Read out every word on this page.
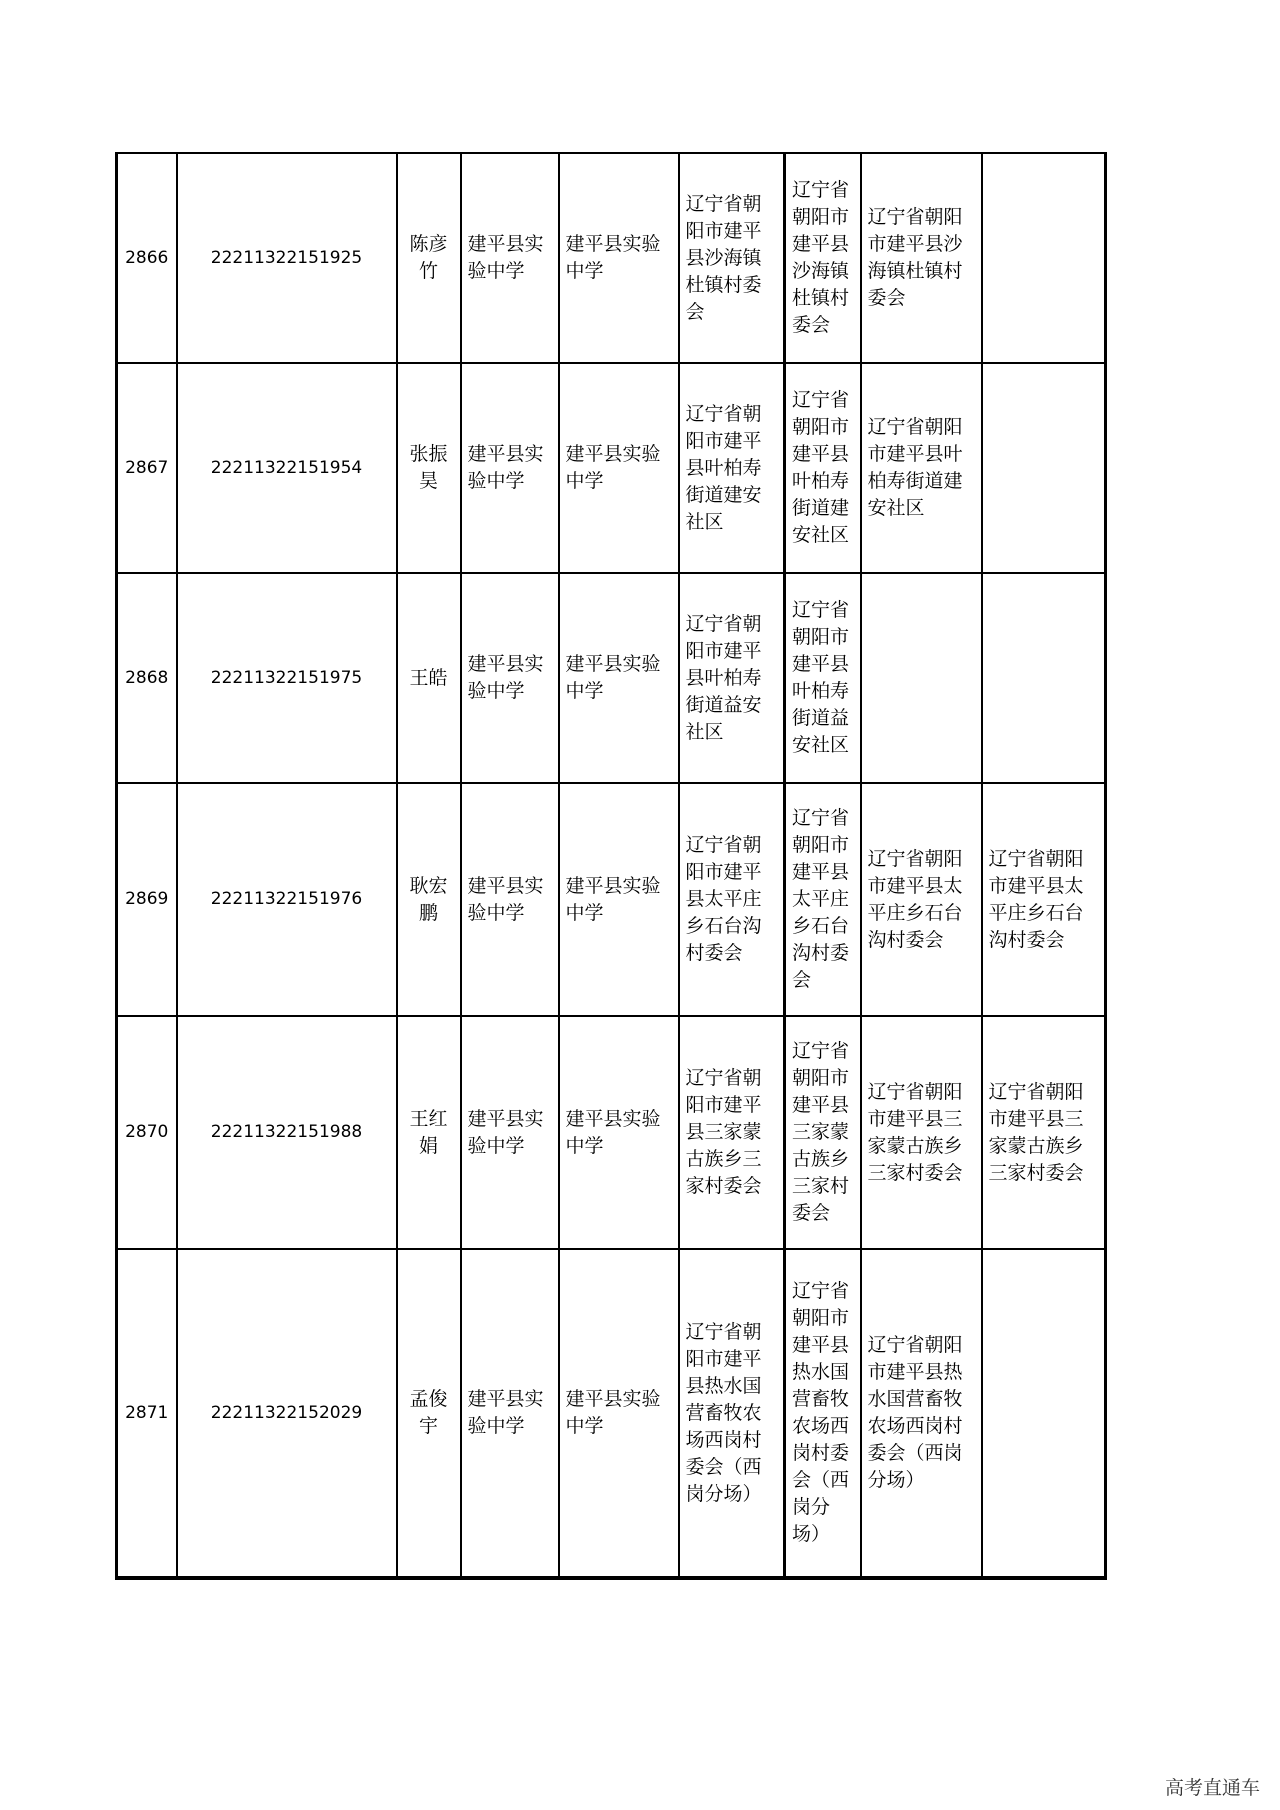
2866	22211322151925	陈彦竹	建平县实验中学	建平县实验中学	辽宁省朝阳市建平县沙海镇杜镇村委会	辽宁省朝阳市建平县沙海镇杜镇村委会	辽宁省朝阳市建平县沙海镇杜镇村委会	
2867	22211322151954	张振昊	建平县实验中学	建平县实验中学	辽宁省朝阳市建平县叶柏寿街道建安社区	辽宁省朝阳市建平县叶柏寿街道建安社区	辽宁省朝阳市建平县叶柏寿街道建安社区	
2868	22211322151975	王皓	建平县实验中学	建平县实验中学	辽宁省朝阳市建平县叶柏寿街道益安社区	辽宁省朝阳市建平县叶柏寿街道益安社区		
2869	22211322151976	耿宏鹏	建平县实验中学	建平县实验中学	辽宁省朝阳市建平县太平庄乡石台沟村委会	辽宁省朝阳市建平县太平庄乡石台沟村委会	辽宁省朝阳市建平县太平庄乡石台沟村委会	辽宁省朝阳市建平县太平庄乡石台沟村委会
2870	22211322151988	王红娟	建平县实验中学	建平县实验中学	辽宁省朝阳市建平县三家蒙古族乡三家村委会	辽宁省朝阳市建平县三家蒙古族乡三家村委会	辽宁省朝阳市建平县三家蒙古族乡三家村委会	辽宁省朝阳市建平县三家蒙古族乡三家村委会
2871	22211322152029	孟俊宇	建平县实验中学	建平县实验中学	辽宁省朝阳市建平县热水国营畜牧农场西岗村委会（西岗分场）	辽宁省朝阳市建平县热水国营畜牧农场西岗村委会（西岗分场）	辽宁省朝阳市建平县热水国营畜牧农场西岗村委会（西岗分场）	
高考直通车
